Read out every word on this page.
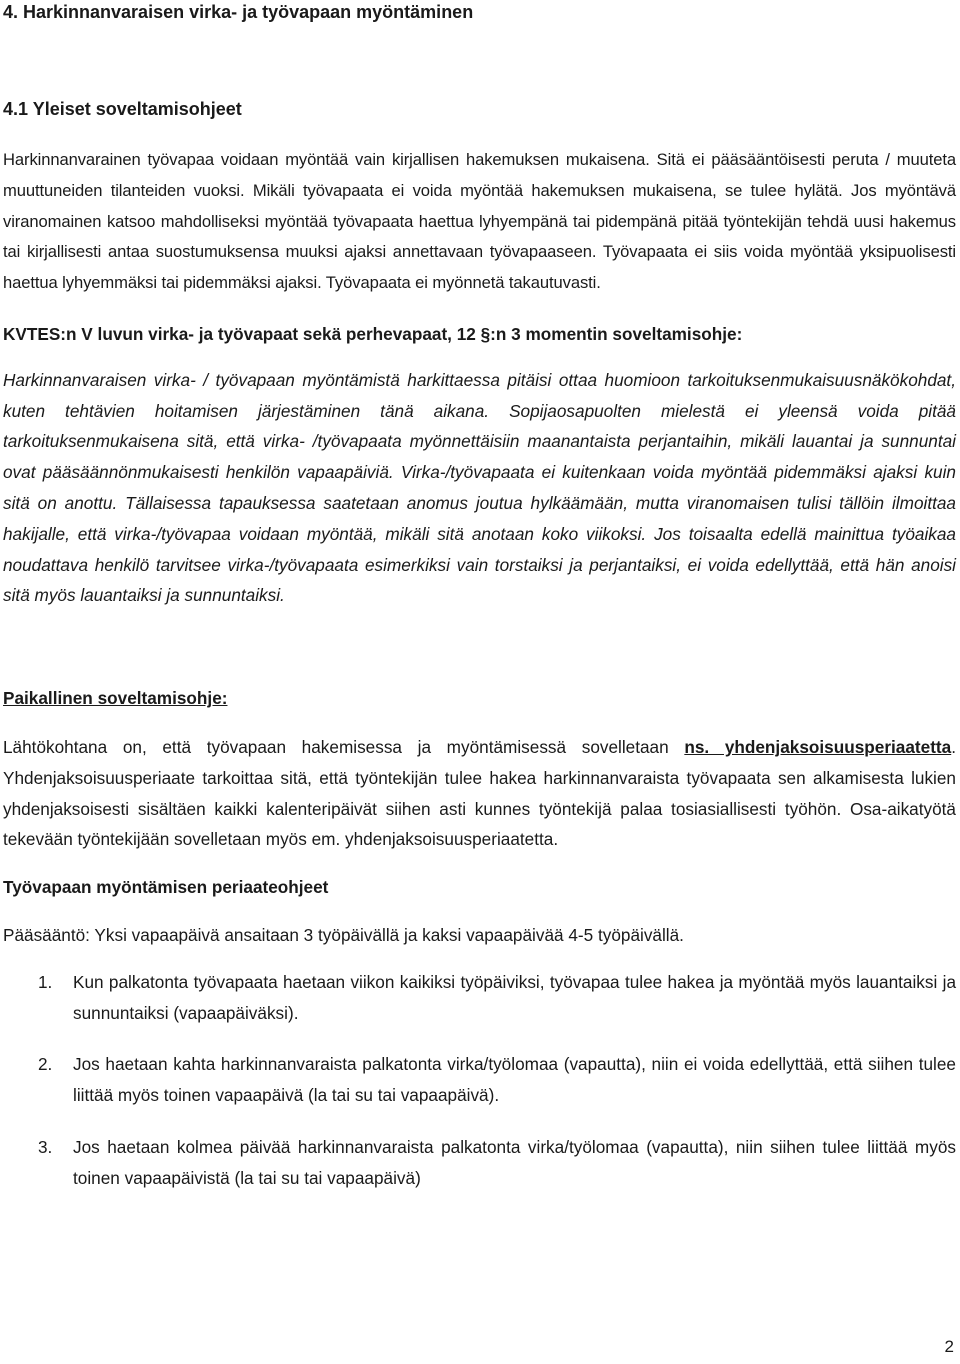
4. Harkinnanvaraisen virka- ja työvapaan myöntäminen
4.1 Yleiset soveltamisohjeet

Harkinnanvarainen työvapaa voidaan myöntää vain kirjallisen hakemuksen mukaisena. Sitä ei pääsääntöisesti peruta / muuteta muuttuneiden tilanteiden vuoksi. Mikäli työvapaata ei voida myöntää hakemuksen mukaisena, se tulee hylätä. Jos myöntävä viranomainen katsoo mahdolliseksi myöntää työvapaata haettua lyhyempänä tai pidempänä pitää työntekijän tehdä uusi hakemus tai kirjallisesti antaa suostumuksensa muuksi ajaksi annettavaan työvapaaseen. Työvapaata ei siis voida myöntää yksipuolisesti haettua lyhyemmäksi tai pidemmäksi ajaksi. Työvapaata ei myönnetä takautuvasti.

KVTES:n V luvun virka- ja työvapaat sekä perhevapaat, 12 §:n 3 momentin soveltamisohje:

Harkinnanvaraisen virka- / työvapaan myöntämistä harkittaessa pitäisi ottaa huomioon tarkoituksenmukaisuusnäkökohdat, kuten tehtävien hoitamisen järjestäminen tänä aikana. Sopijaosapuolten mielestä ei yleensä voida pitää tarkoituksenmukaisena sitä, että virka- /työvapaata myönnettäisiin maanantaista perjantaihin, mikäli lauantai ja sunnuntai ovat pääsäännönmukaisesti henkilön vapaapäiviä. Virka-/työvapaata ei kuitenkaan voida myöntää pidemmäksi ajaksi kuin sitä on anottu. Tällaisessa tapauksessa saatetaan anomus joutua hylkäämään, mutta viranomaisen tulisi tällöin ilmoittaa hakijalle, että virka-/työvapaa voidaan myöntää, mikäli sitä anotaan koko viikoksi. Jos toisaalta edellä mainittua työaikaa noudattava henkilö tarvitsee virka-/työvapaata esimerkiksi vain torstaiksi ja perjantaiksi, ei voida edellyttää, että hän anoisi sitä myös lauantaiksi ja sunnuntaiksi.

Paikallinen soveltamisohje:

Lähtökohtana on, että työvapaan hakemisessa ja myöntämisessä sovelletaan ns. yhdenjaksoisuusperiaatetta. Yhdenjaksoisuusperiaate tarkoittaa sitä, että työntekijän tulee hakea harkinnanvaraista työvapaata sen alkamisesta lukien yhdenjaksoisesti sisältäen kaikki kalenteripäivät siihen asti kunnes työntekijä palaa tosiasiallisesti työhön. Osa-aikatyötä tekevään työntekijään sovelletaan myös em. yhdenjaksoisuusperiaatetta.

Työvapaan myöntämisen periaateohjeet

Pääsääntö: Yksi vapaapäivä ansaitaan 3 työpäivällä ja kaksi vapaapäivää 4-5 työpäivällä.

1. Kun palkatonta työvapaata haetaan viikon kaikiksi työpäiviksi, työvapaa tulee hakea ja myöntää myös lauantaiksi ja sunnuntaiksi (vapaapäiväksi).
2. Jos haetaan kahta harkinnanvaraista palkatonta virka/työlomaa (vapautta), niin ei voida edellyttää, että siihen tulee liittää myös toinen vapaapäivä (la tai su tai vapaapäivä).
3. Jos haetaan kolmea päivää harkinnanvaraista palkatonta virka/työlomaa (vapautta), niin siihen tulee liittää myös toinen vapaapäivistä (la tai su tai vapaapäivä)
2
